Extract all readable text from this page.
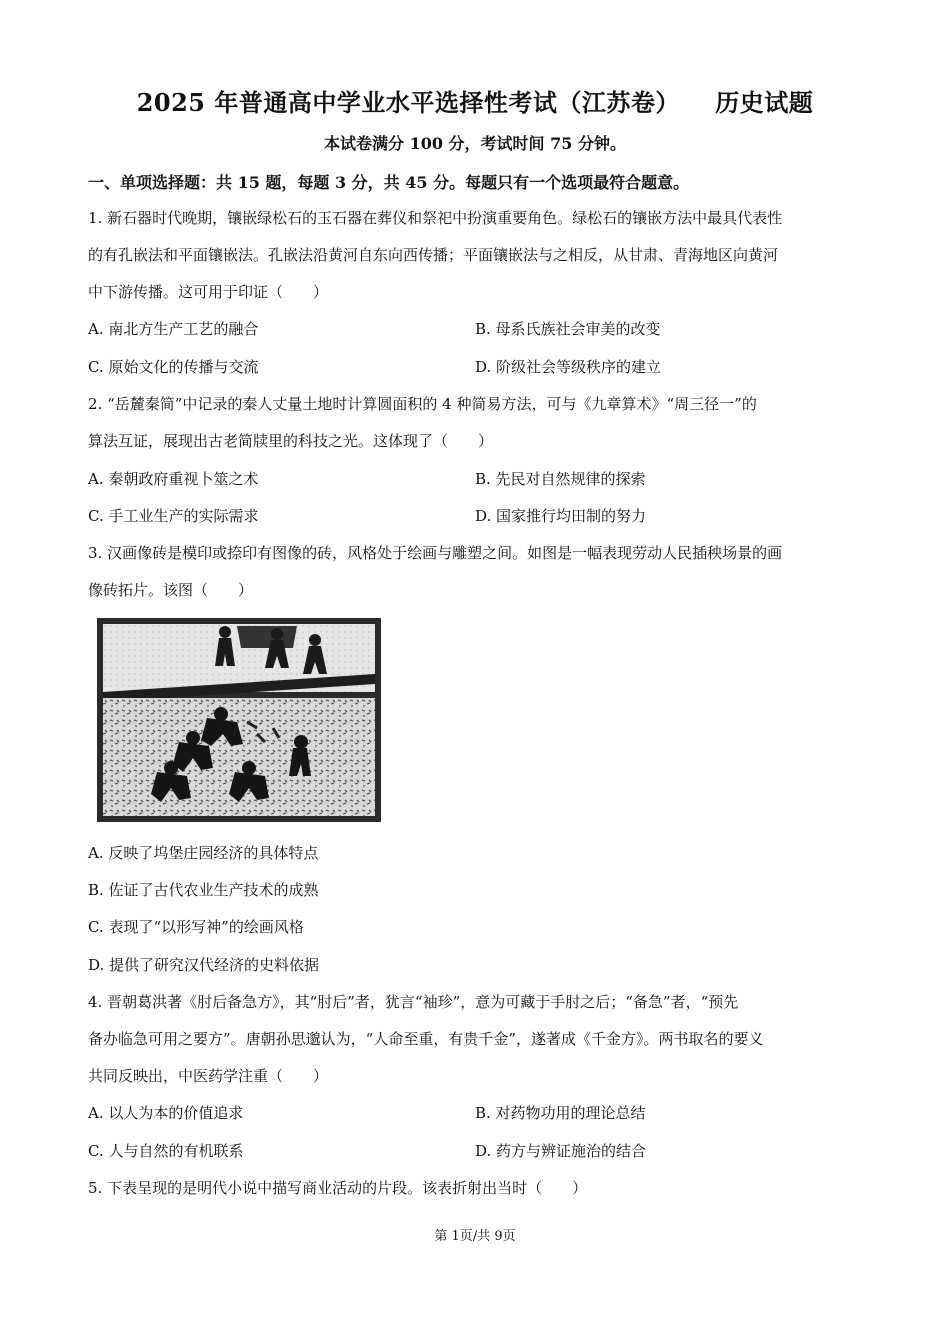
2025 年普通高中学业水平选择性考试（江苏卷）    历史试题
本试卷满分 100 分，考试时间 75 分钟。
一、单项选择题：共 15 题，每题 3 分，共 45 分。每题只有一个选项最符合题意。
1. 新石器时代晚期，镶嵌绿松石的玉石器在葬仪和祭祀中扮演重要角色。绿松石的镶嵌方法中最具代表性
的有孔嵌法和平面镶嵌法。孔嵌法沿黄河自东向西传播；平面镶嵌法与之相反，从甘肃、青海地区向黄河
中下游传播。这可用于印证（　　）
A. 南北方生产工艺的融合	B. 母系氏族社会审美的改变
C. 原始文化的传播与交流	D. 阶级社会等级秩序的建立
2. “岳麓秦简”中记录的秦人丈量土地时计算圆面积的 4 种简易方法，可与《九章算术》“周三径一”的
算法互证，展现出古老简牍里的科技之光。这体现了（　　）
A. 秦朝政府重视卜筮之术	B. 先民对自然规律的探索
C. 手工业生产的实际需求	D. 国家推行均田制的努力
3. 汉画像砖是模印或捺印有图像的砖，风格处于绘画与雕塑之间。如图是一幅表现劳动人民插秧场景的画
像砖拓片。该图（　　）
A. 反映了坞堡庄园经济的具体特点
B. 佐证了古代农业生产技术的成熟
C. 表现了“以形写神”的绘画风格
D. 提供了研究汉代经济的史料依据
4. 晋朝葛洪著《肘后备急方》，其“肘后”者，犹言“袖珍”，意为可藏于手肘之后；“备急”者，“预先
备办临急可用之要方”。唐朝孙思邈认为，“人命至重，有贵千金”，遂著成《千金方》。两书取名的要义
共同反映出，中医药学注重（　　）
A. 以人为本的价值追求	B. 对药物功用的理论总结
C. 人与自然的有机联系	D. 药方与辨证施治的结合
5. 下表呈现的是明代小说中描写商业活动的片段。该表折射出当时（　　）
第 1页/共 9页
